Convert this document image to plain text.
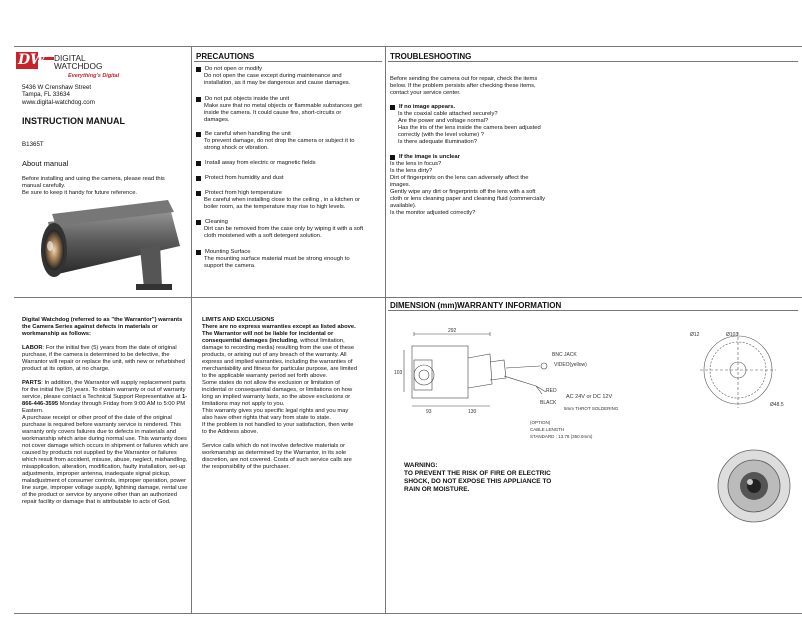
DW DIGITAL WATCHDOG
Everything's Digital
5436 W Crenshaw Street
Tampa, FL 33634
www.digital-watchdog.com
INSTRUCTION MANUAL
B1365T
About manual
Before installing and using the camera, please read this manual carefully.
Be sure to keep it handy for future reference.
PRECAUTIONS
Do not open or modify
Do not open the case except during maintenance and installation, as it may be dangerous and cause damages.
Do not put objects inside the unit
Make sure that no metal objects or flammable substances get inside the camera. It could cause fire, short-circuits or damages.
Be careful when handling the unit
To prevent damage, do not drop the camera or subject it to strong shock or vibration.
Install away from electric or magnetic fields
Protect from humidity and dust
Protect from high temperature
Be careful when installing close to the ceiling , in a kitchen or boiler room, as the temperature may rise to high levels.
Cleaning
Dirt can be removed from the case only by wiping it with a soft cloth moistened with a soft detergent solution.
Mounting Surface
The mounting surface material must be strong enough to support the camera.
TROUBLESHOOTING
Before sending the camera out for repair, check the items below. If the problem persists after checking these items, contact your service center.
If no image appears.
Is the coaxial cable attached securely?
Are the power and voltage normal?
Has the iris of the lens inside the camera been adjusted correctly (with the level volume) ?
Is there adequate illumination?
If the image is unclear
Is the lens in focus?
Is the lens dirty?
Dirt of fingerprints on the lens can adversely affect the images.
Gently wipe any dirt or fingerprints off the lens with a soft cloth or lens cleaning paper and cleaning fluid (commercially available).
Is the monitor adjusted correctly?
Digital Watchdog (referred to as "the Warrantor") warrants the Camera Series against defects in materials or workmanship as follows:
LABOR: For the initial five (5) years from the date of original purchase, if the camera is determined to be defective, the Warrantor will repair or replace the unit, with new or refurbished product at its option, at no charge.
PARTS: In addition, the Warrantor will supply replacement parts for the initial five (5) years. To obtain warranty or out of warranty service, please contact a Technical Support Representative at 1-866-446-3595 Monday through Friday from 9:00 AM to 5:00 PM Eastern.
A purchase receipt or other proof of the date of the original purchase is required before warranty service is rendered. This warranty only covers failures due to defects in materials and workmanship which arise during normal use. This warranty does not cover damage which occurs in shipment or failures which are caused by products not supplied by the Warrantor or failures which result from accident, misuse, abuse, neglect, mishandling, misapplication, alteration, modification, faulty installation, set-up adjustments, improper antenna, inadequate signal pickup, maladjustment of consumer controls, improper operation, power line surge, improper voltage supply, lightning damage, rental use of the product or service by anyone other than an authorized repair facility or damage that is attributable to acts of God.
LIMITS AND EXCLUSIONS
There are no express warranties except as listed above.
The Warrantor will not be liable for incidental or consequential damages (including, without limitation, damage to recording media) resulting from the use of these products, or arising out of any breach of the warranty. All express and implied warranties, including the warranties of merchantability and fitness for particular purpose, are limited to the applicable warranty period set forth above.
Some states do not allow the exclusion or limitation of incidental or consequential damages, or limitations on how long an implied warranty lasts, so the above exclusions or limitations may not apply to you.
This warranty gives you specific legal rights and you may also have other rights that vary from state to state.
If the problem is not handled to your satisfaction, then write to the Address above.
Service calls which do not involve defective materials or workmanship as determined by the Warrantor, in its sole discretion, are not covered. Costs of such service calls are the responsibility of the purchaser.
DIMENSION (mm)WARRANTY INFORMATION
292
103
93	130
BNC JACK
VIDEO(yellow)
RED
BLACK
AC 24V or DC 12V
5mm THROT SOLDERING
(OPTION)
CABLE LENGTH
STANDARD : 13.78 (350.0mm)
Ø12	Ø103
Ø48.5
WARNING:
TO PREVENT THE RISK OF FIRE OR ELECTRIC SHOCK, DO NOT EXPOSE THIS APPLIANCE TO RAIN OR MOISTURE.
